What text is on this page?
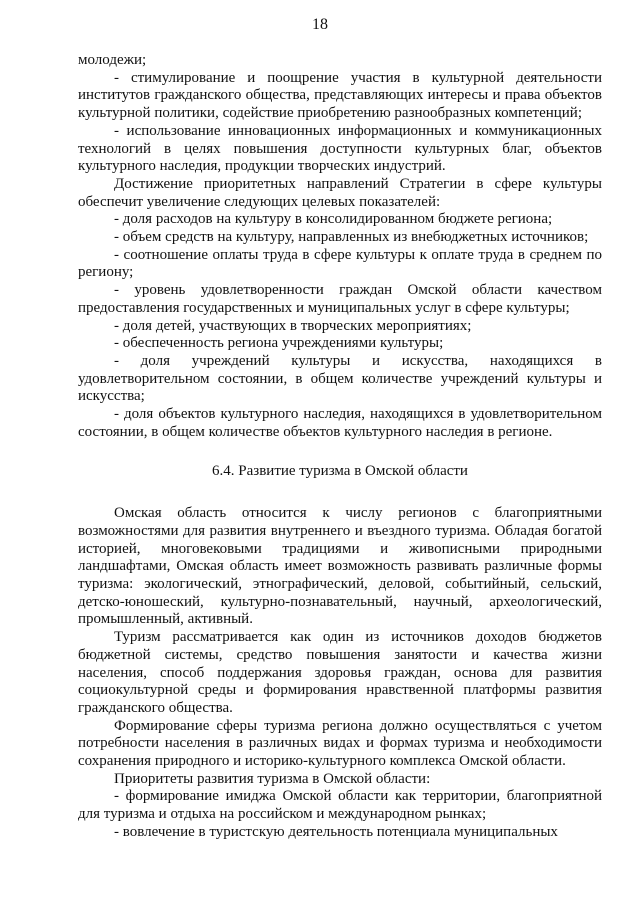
18

молодежи;

- стимулирование и поощрение участия в культурной деятельности институтов гражданского общества, представляющих интересы и права объектов культурной политики, содействие приобретению разнообразных компетенций;

- использование инновационных информационных и коммуникационных технологий в целях повышения доступности культурных благ, объектов культурного наследия, продукции творческих индустрий.

Достижение приоритетных направлений Стратегии в сфере культуры обеспечит увеличение следующих целевых показателей:

- доля расходов на культуру в консолидированном бюджете региона;

- объем средств на культуру, направленных из внебюджетных источников;

- соотношение оплаты труда в сфере культуры к оплате труда в среднем по региону;

- уровень удовлетворенности граждан Омской области качеством предоставления государственных и муниципальных услуг в сфере культуры;

- доля детей, участвующих в творческих мероприятиях;

- обеспеченность региона учреждениями культуры;

- доля учреждений культуры и искусства, находящихся в удовлетворительном состоянии, в общем количестве учреждений культуры и искусства;

- доля объектов культурного наследия, находящихся в удовлетворительном состоянии, в общем количестве объектов культурного наследия в регионе.

6.4. Развитие туризма в Омской области

Омская область относится к числу регионов с благоприятными возможностями для развития внутреннего и въездного туризма. Обладая богатой историей, многовековыми традициями и живописными природными ландшафтами, Омская область имеет возможность развивать различные формы туризма: экологический, этнографический, деловой, событийный, сельский, детско-юношеский, культурно-познавательный, научный, археологический, промышленный, активный.

Туризм рассматривается как один из источников доходов бюджетов бюджетной системы, средство повышения занятости и качества жизни населения, способ поддержания здоровья граждан, основа для развития социокультурной среды и формирования нравственной платформы развития гражданского общества.

Формирование сферы туризма региона должно осуществляться с учетом потребности населения в различных видах и формах туризма и необходимости сохранения природного и историко-культурного комплекса Омской области.

Приоритеты развития туризма в Омской области:

- формирование имиджа Омской области как территории, благоприятной для туризма и отдыха на российском и международном рынках;

- вовлечение в туристскую деятельность потенциала муниципальных
